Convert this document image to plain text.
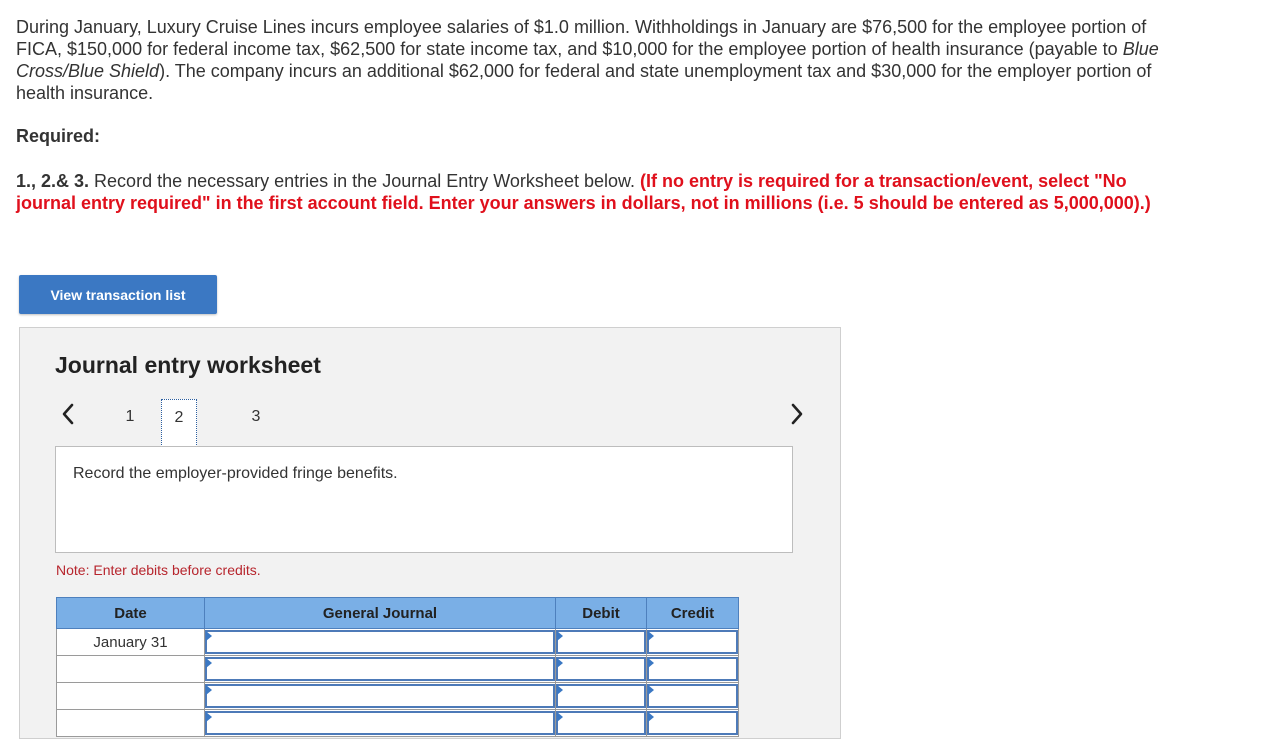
During January, Luxury Cruise Lines incurs employee salaries of $1.0 million. Withholdings in January are $76,500 for the employee portion of FICA, $150,000 for federal income tax, $62,500 for state income tax, and $10,000 for the employee portion of health insurance (payable to Blue Cross/Blue Shield). The company incurs an additional $62,000 for federal and state unemployment tax and $30,000 for the employer portion of health insurance.

Required:
1., 2.& 3. Record the necessary entries in the Journal Entry Worksheet below. (If no entry is required for a transaction/event, select "No journal entry required" in the first account field. Enter your answers in dollars, not in millions (i.e. 5 should be entered as 5,000,000).)
View transaction list
Journal entry worksheet
1	2	3
Record the employer-provided fringe benefits.
Note: Enter debits before credits.
Date	General Journal	Debit	Credit
January 31	
